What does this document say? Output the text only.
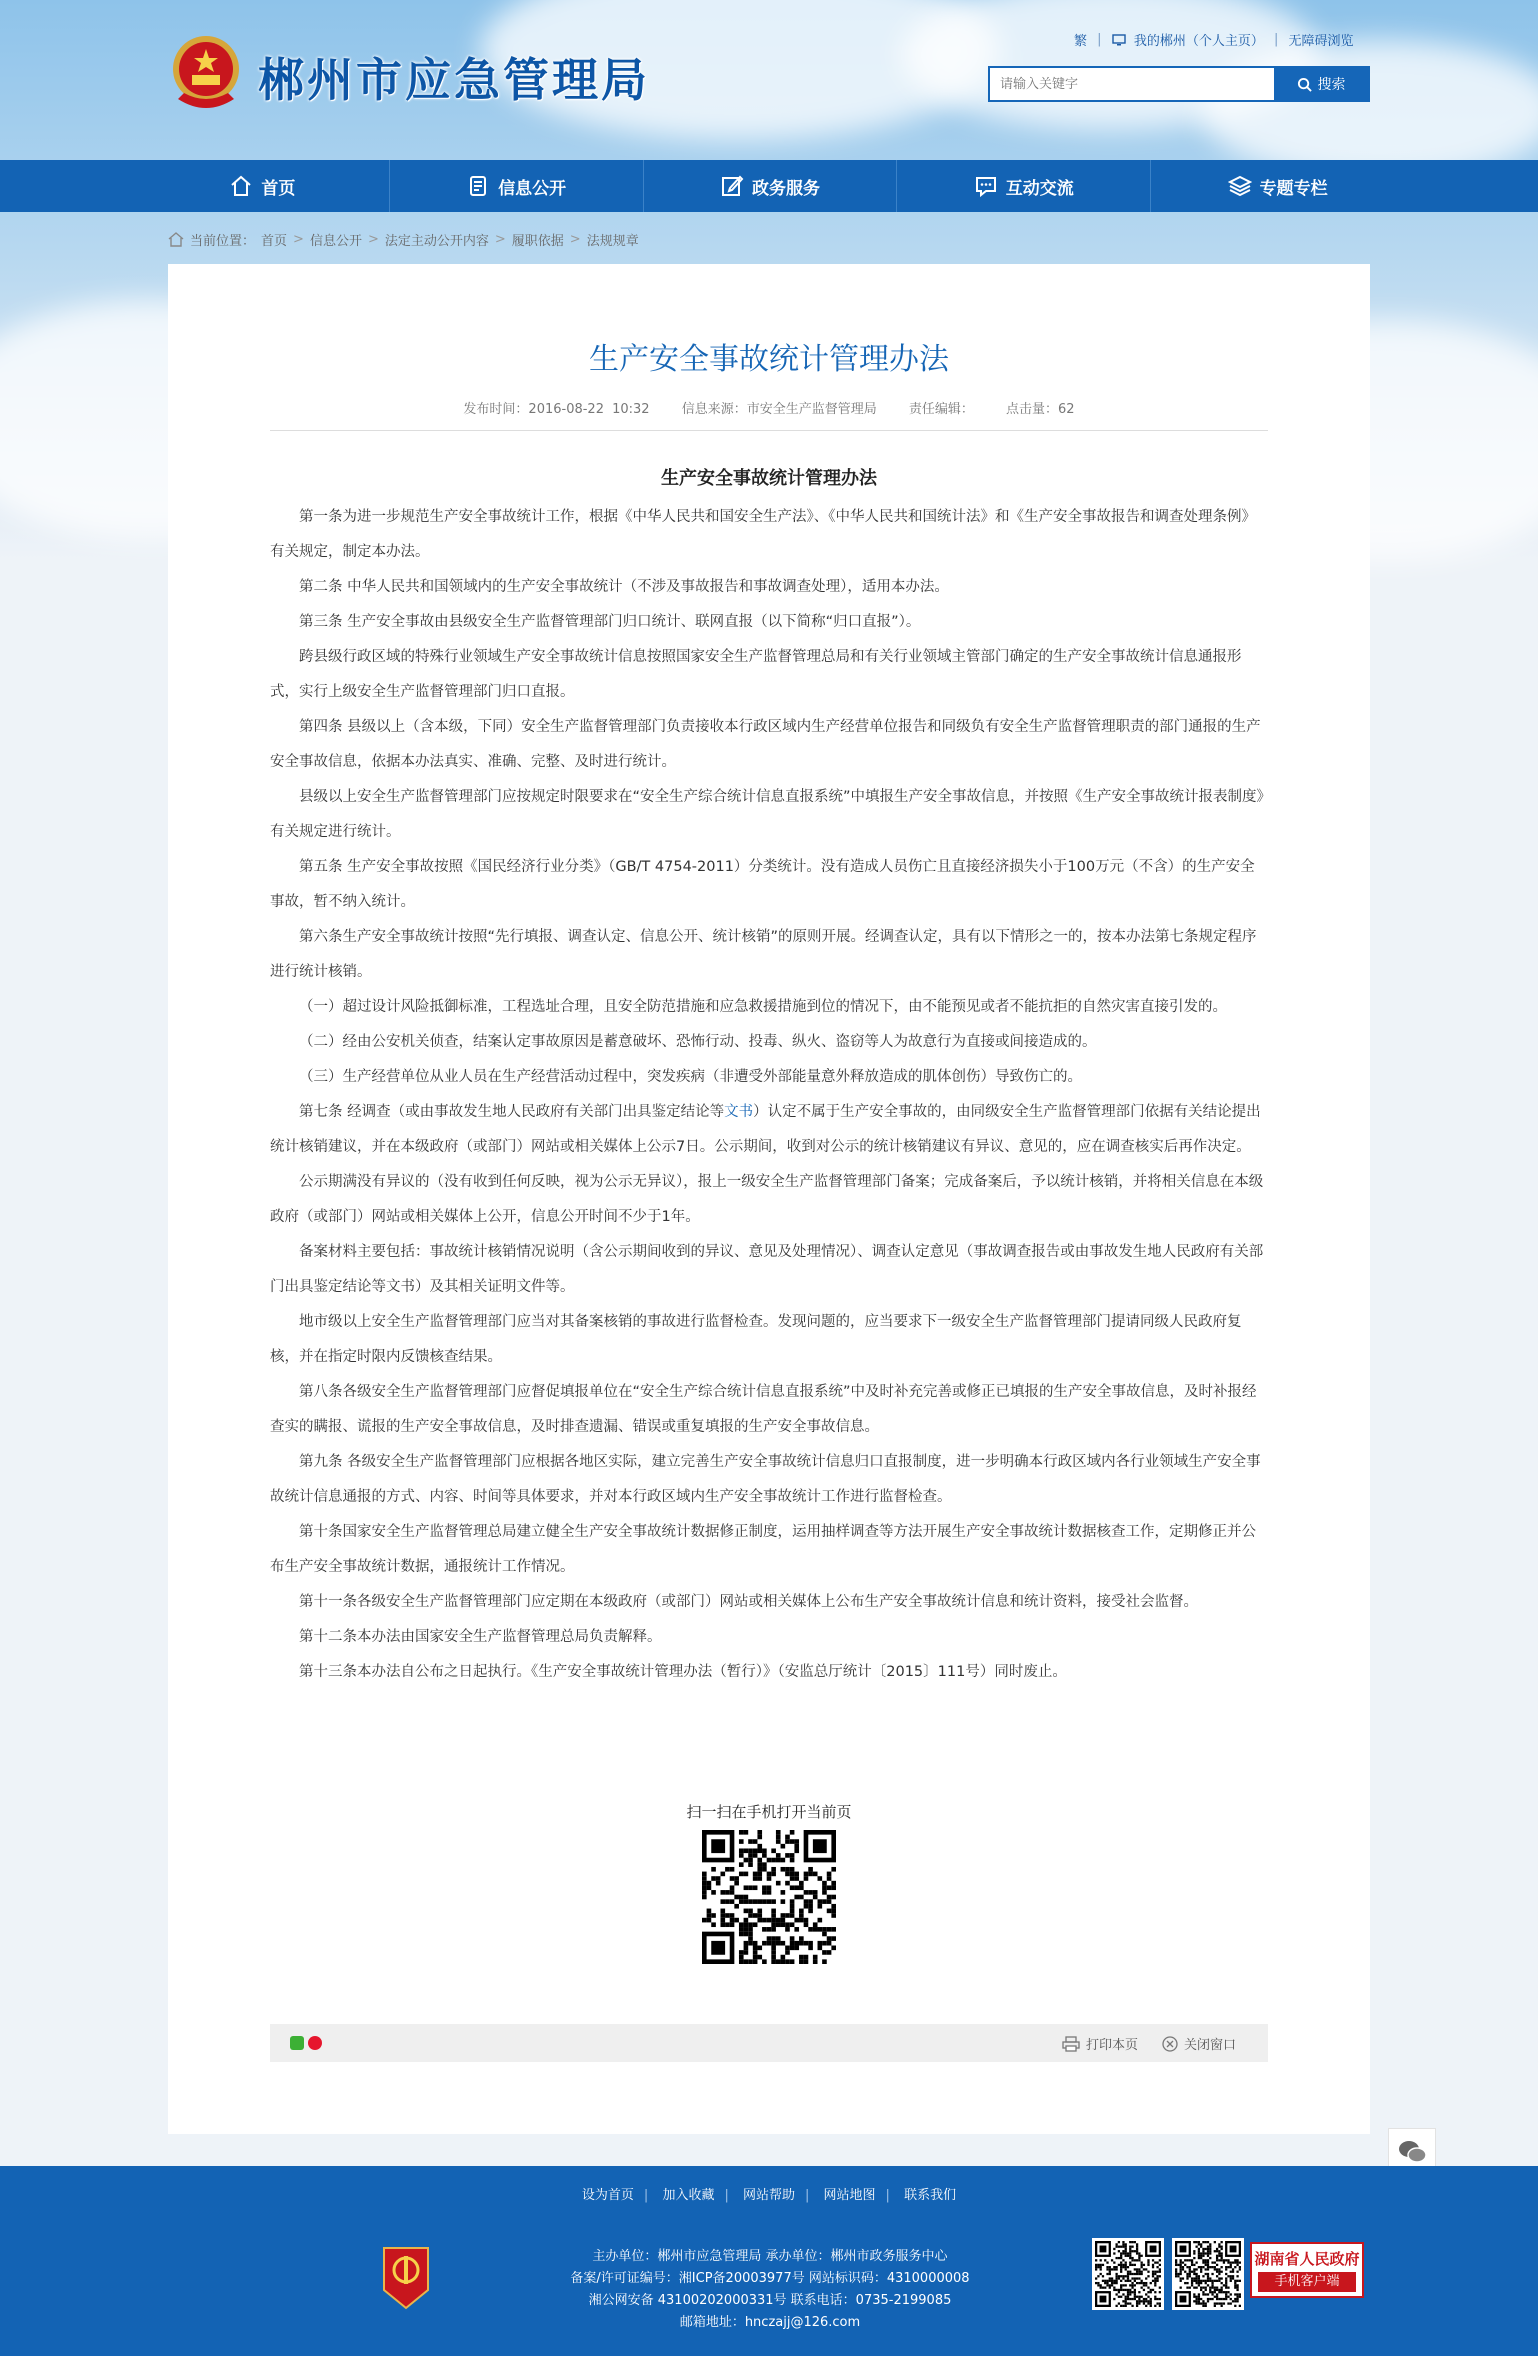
郴州市应急管理局
繁 | 我的郴州（个人主页） | 无障碍浏览
请输入关键字
搜索
首页	信息公开	政务服务	互动交流	专题专栏
当前位置： 首页 > 信息公开 > 法定主动公开内容 > 履职依据 > 法规规章
生产安全事故统计管理办法
发布时间：2016-08-22 10:32 信息来源：市安全生产监督管理局 责任编辑： 点击量：62
生产安全事故统计管理办法

第一条为进一步规范生产安全事故统计工作，根据《中华人民共和国安全生产法》、《中华人民共和国统计法》和《生产安全事故报告和调查处理条例》有关规定，制定本办法。

第二条 中华人民共和国领域内的生产安全事故统计（不涉及事故报告和事故调查处理），适用本办法。

第三条 生产安全事故由县级安全生产监督管理部门归口统计、联网直报（以下简称“归口直报”）。

跨县级行政区域的特殊行业领域生产安全事故统计信息按照国家安全生产监督管理总局和有关行业领域主管部门确定的生产安全事故统计信息通报形式，实行上级安全生产监督管理部门归口直报。

第四条 县级以上（含本级，下同）安全生产监督管理部门负责接收本行政区域内生产经营单位报告和同级负有安全生产监督管理职责的部门通报的生产安全事故信息，依据本办法真实、准确、完整、及时进行统计。

县级以上安全生产监督管理部门应按规定时限要求在“安全生产综合统计信息直报系统”中填报生产安全事故信息，并按照《生产安全事故统计报表制度》有关规定进行统计。

第五条 生产安全事故按照《国民经济行业分类》（GB/T 4754-2011）分类统计。没有造成人员伤亡且直接经济损失小于100万元（不含）的生产安全事故，暂不纳入统计。

第六条生产安全事故统计按照“先行填报、调查认定、信息公开、统计核销”的原则开展。经调查认定，具有以下情形之一的，按本办法第七条规定程序进行统计核销。

（一）超过设计风险抵御标准，工程选址合理，且安全防范措施和应急救援措施到位的情况下，由不能预见或者不能抗拒的自然灾害直接引发的。

（二）经由公安机关侦查，结案认定事故原因是蓄意破坏、恐怖行动、投毒、纵火、盗窃等人为故意行为直接或间接造成的。

（三）生产经营单位从业人员在生产经营活动过程中，突发疾病（非遭受外部能量意外释放造成的肌体创伤）导致伤亡的。

第七条 经调查（或由事故发生地人民政府有关部门出具鉴定结论等文书）认定不属于生产安全事故的，由同级安全生产监督管理部门依据有关结论提出统计核销建议，并在本级政府（或部门）网站或相关媒体上公示7日。公示期间，收到对公示的统计核销建议有异议、意见的，应在调查核实后再作决定。

公示期满没有异议的（没有收到任何反映，视为公示无异议），报上一级安全生产监督管理部门备案；完成备案后，予以统计核销，并将相关信息在本级政府（或部门）网站或相关媒体上公开，信息公开时间不少于1年。

备案材料主要包括：事故统计核销情况说明（含公示期间收到的异议、意见及处理情况）、调查认定意见（事故调查报告或由事故发生地人民政府有关部门出具鉴定结论等文书）及其相关证明文件等。

地市级以上安全生产监督管理部门应当对其备案核销的事故进行监督检查。发现问题的，应当要求下一级安全生产监督管理部门提请同级人民政府复核，并在指定时限内反馈核查结果。

第八条各级安全生产监督管理部门应督促填报单位在“安全生产综合统计信息直报系统”中及时补充完善或修正已填报的生产安全事故信息，及时补报经查实的瞒报、谎报的生产安全事故信息，及时排查遗漏、错误或重复填报的生产安全事故信息。

第九条 各级安全生产监督管理部门应根据各地区实际，建立完善生产安全事故统计信息归口直报制度，进一步明确本行政区域内各行业领域生产安全事故统计信息通报的方式、内容、时间等具体要求，并对本行政区域内生产安全事故统计工作进行监督检查。

第十条国家安全生产监督管理总局建立健全生产安全事故统计数据修正制度，运用抽样调查等方法开展生产安全事故统计数据核查工作，定期修正并公布生产安全事故统计数据，通报统计工作情况。

第十一条各级安全生产监督管理部门应定期在本级政府（或部门）网站或相关媒体上公布生产安全事故统计信息和统计资料，接受社会监督。

第十二条本办法由国家安全生产监督管理总局负责解释。

第十三条本办法自公布之日起执行。《生产安全事故统计管理办法（暂行）》（安监总厅统计〔2015〕111号）同时废止。

扫一扫在手机打开当前页
打印本页	关闭窗口
设为首页 | 加入收藏 | 网站帮助 | 网站地图 | 联系我们
主办单位：郴州市应急管理局 承办单位：郴州市政务服务中心
备案/许可证编号：湘ICP备20003977号 网站标识码：4310000008
湘公网安备 43100202000331号 联系电话：0735-2199085
邮箱地址：hnczajj@126.com
湖南省人民政府
手机客户端
